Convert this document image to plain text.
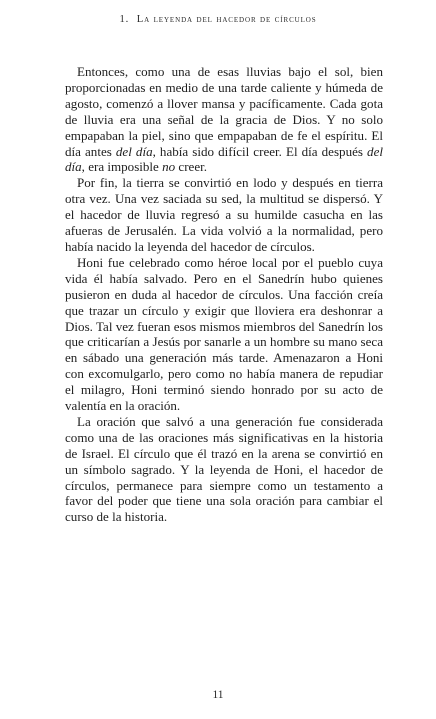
1. La leyenda del hacedor de círculos

Entonces, como una de esas lluvias bajo el sol, bien proporcionadas en medio de una tarde caliente y húmeda de agosto, comenzó a llover mansa y pacíficamente. Cada gota de lluvia era una señal de la gracia de Dios. Y no solo empapaban la piel, sino que empapaban de fe el espíritu. El día antes del día, había sido difícil creer. El día después del día, era imposible no creer.

Por fin, la tierra se convirtió en lodo y después en tierra otra vez. Una vez saciada su sed, la multitud se dispersó. Y el hacedor de lluvia regresó a su humilde casucha en las afueras de Jerusalén. La vida volvió a la normalidad, pero había nacido la leyenda del hacedor de círculos.

Honi fue celebrado como héroe local por el pueblo cuya vida él había salvado. Pero en el Sanedrín hubo quienes pusieron en duda al hacedor de círculos. Una facción creía que trazar un círculo y exigir que lloviera era deshonrar a Dios. Tal vez fueran esos mismos miembros del Sanedrín los que criticarían a Jesús por sanarle a un hombre su mano seca en sábado una generación más tarde. Amenazaron a Honi con excomulgarlo, pero como no había manera de repudiar el milagro, Honi terminó siendo honrado por su acto de valentía en la oración.

La oración que salvó a una generación fue considerada como una de las oraciones más significativas en la historia de Israel. El círculo que él trazó en la arena se convirtió en un símbolo sagrado. Y la leyenda de Honi, el hacedor de círculos, permanece para siempre como un testamento a favor del poder que tiene una sola oración para cambiar el curso de la historia.

11
